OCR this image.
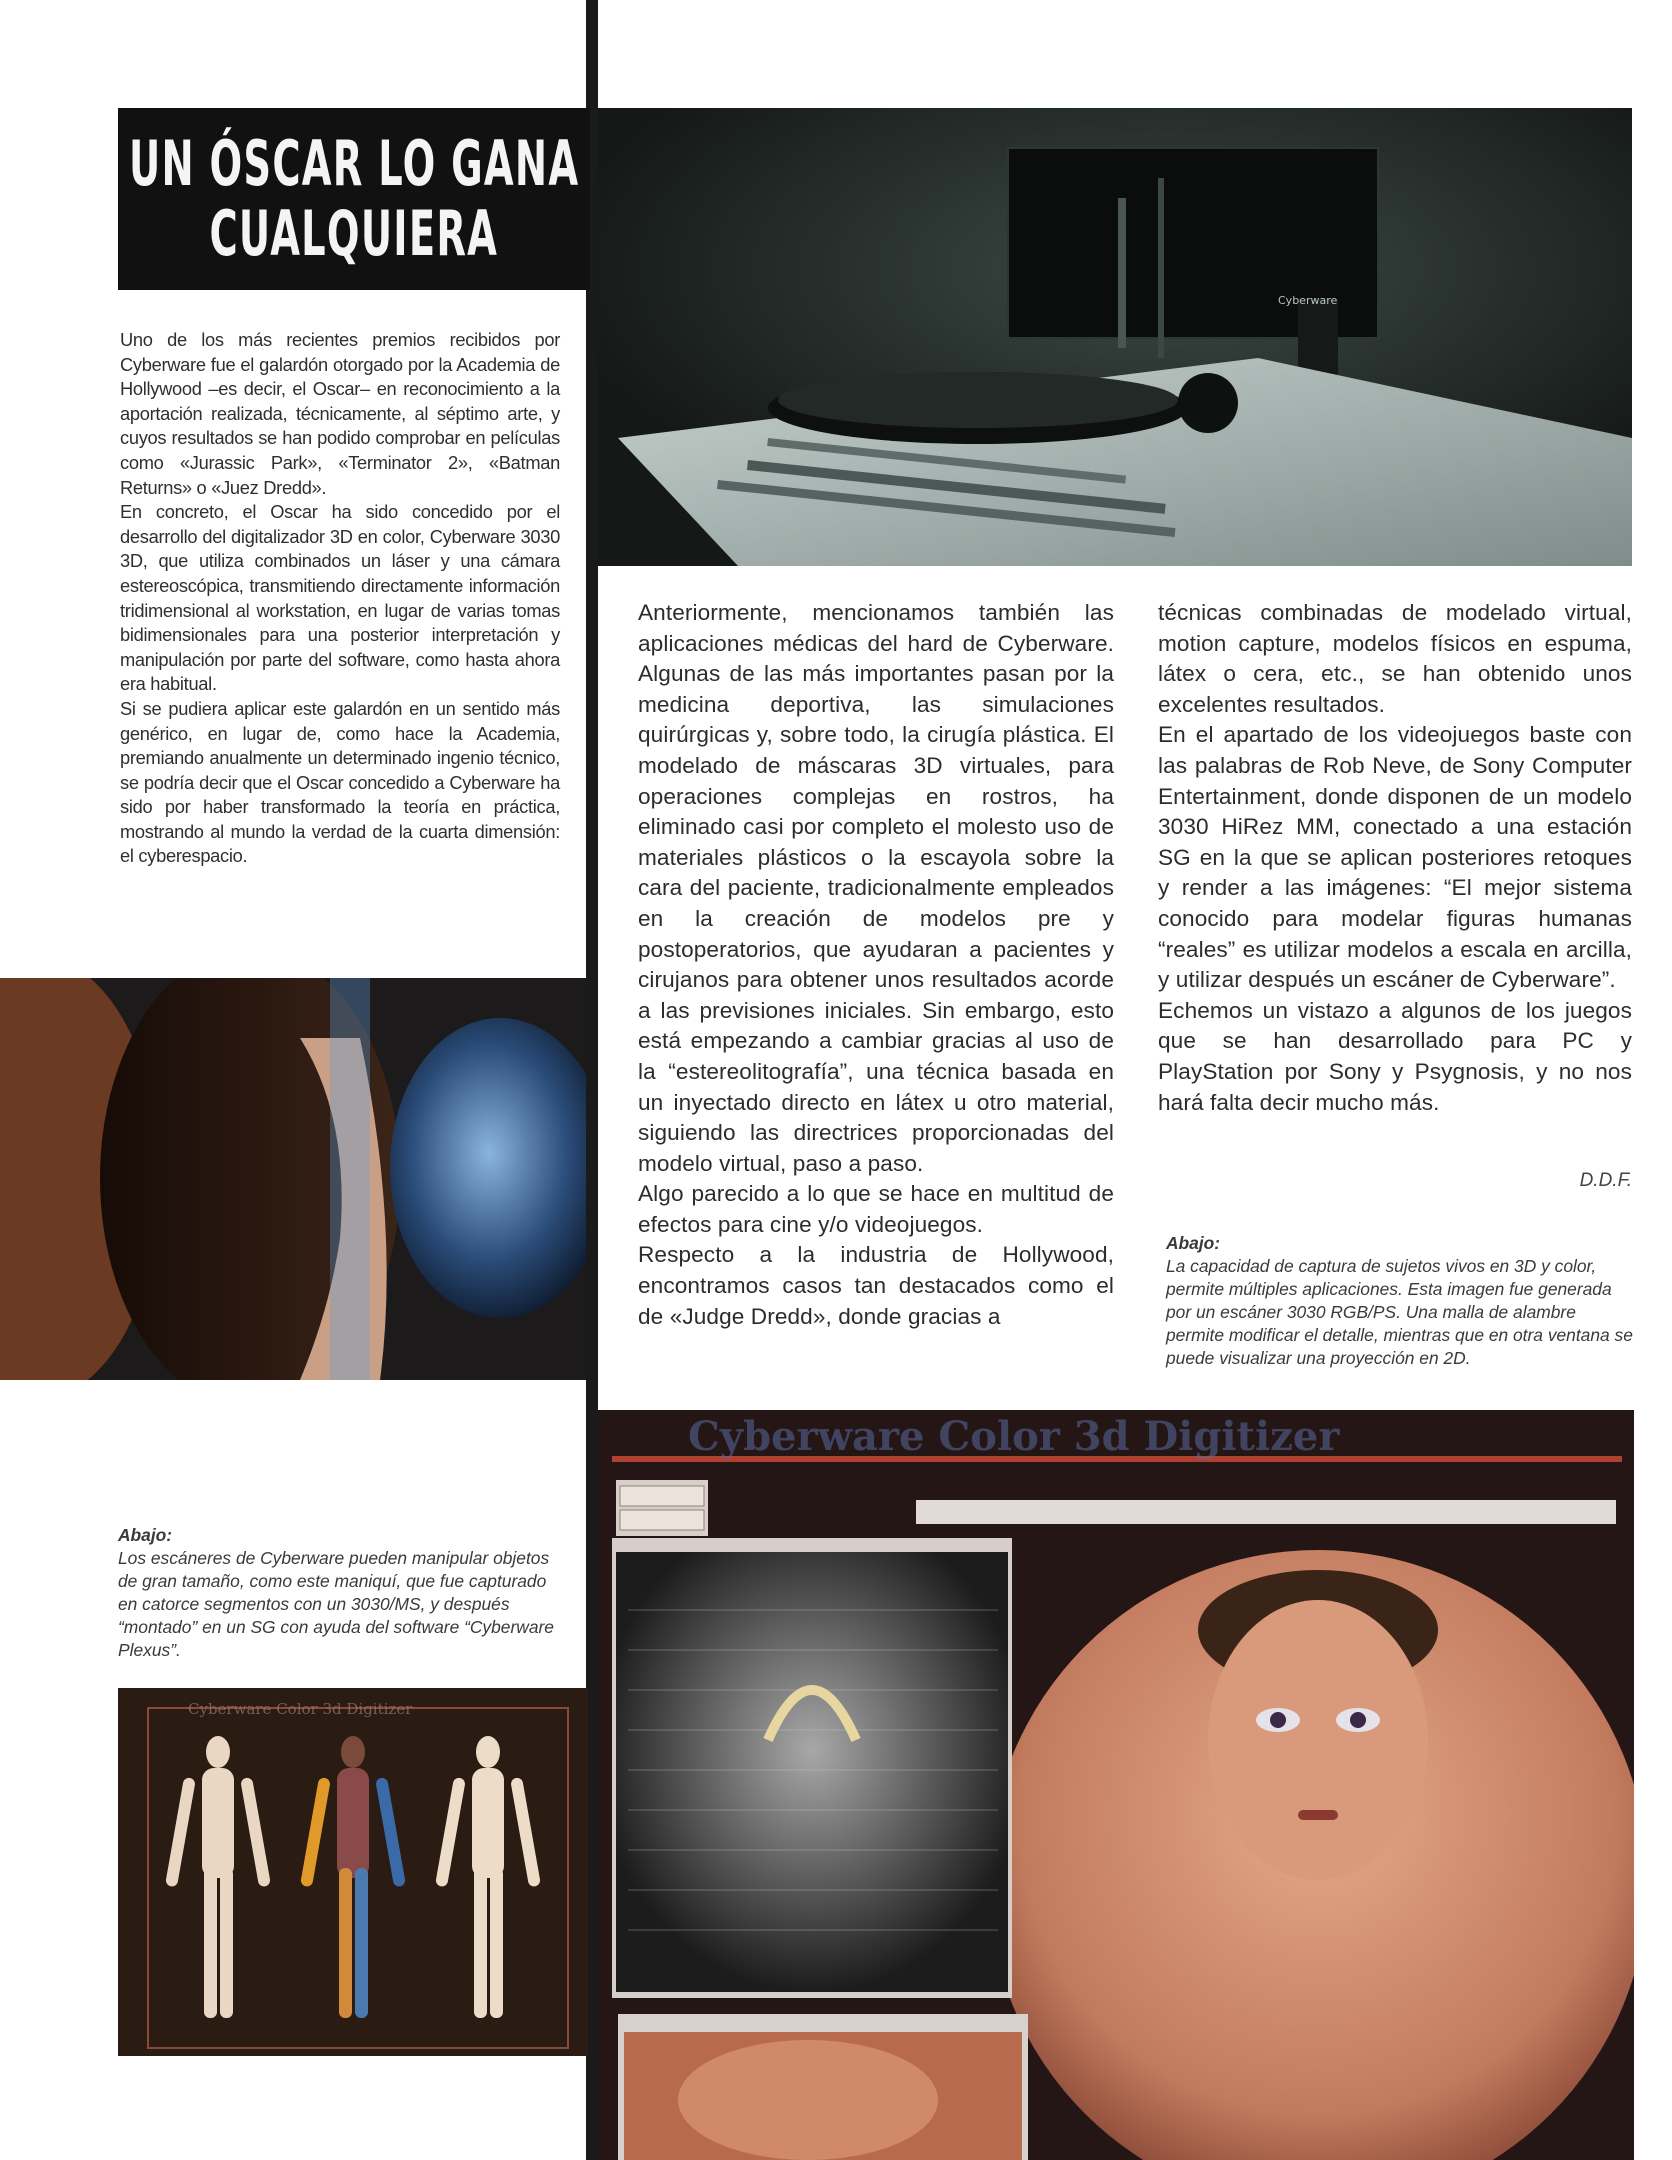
UN ÓSCAR LO GANA
CUALQUIERA

Uno de los más recientes premios recibidos por Cyberware fue el galardón otorgado por la Academia de Hollywood –es decir, el Oscar– en reconocimiento a la aportación realizada, técnicamente, al séptimo arte, y cuyos resultados se han podido comprobar en películas como «Jurassic Park», «Terminator 2», «Batman Returns» o «Juez Dredd».

En concreto, el Oscar ha sido concedido por el desarrollo del digitalizador 3D en color, Cyberware 3030 3D, que utiliza combinados un láser y una cámara estereoscópica, transmitiendo directamente información tridimensional al workstation, en lugar de varias tomas bidimensionales para una posterior interpretación y manipulación por parte del software, como hasta ahora era habitual.

Si se pudiera aplicar este galardón en un sentido más genérico, en lugar de, como hace la Academia, premiando anualmente un determinado ingenio técnico, se podría decir que el Oscar concedido a Cyberware ha sido por haber transformado la teoría en práctica, mostrando al mundo la verdad de la cuarta dimensión: el cyberespacio.

Cyberware

Anteriormente, mencionamos también las aplicaciones médicas del hard de Cyberware. Algunas de las más importantes pasan por la medicina deportiva, las simulaciones quirúrgicas y, sobre todo, la cirugía plástica. El modelado de máscaras 3D virtuales, para operaciones complejas en rostros, ha eliminado casi por completo el molesto uso de materiales plásticos o la escayola sobre la cara del paciente, tradicionalmente empleados en la creación de modelos pre y postoperatorios, que ayudaran a pacientes y cirujanos para obtener unos resultados acorde a las previsiones iniciales. Sin embargo, esto está empezando a cambiar gracias al uso de la “estereolitografía”, una técnica basada en un inyectado directo en látex u otro material, siguiendo las directrices proporcionadas del modelo virtual, paso a paso.

Algo parecido a lo que se hace en multitud de efectos para cine y/o videojuegos.

Respecto a la industria de Hollywood, encontramos casos tan destacados como el de «Judge Dredd», donde gracias a

técnicas combinadas de modelado virtual, motion capture, modelos físicos en espuma, látex o cera, etc., se han obtenido unos excelentes resultados.

En el apartado de los videojuegos baste con las palabras de Rob Neve, de Sony Computer Entertainment, donde disponen de un modelo 3030 HiRez MM, conectado a una estación SG en la que se aplican posteriores retoques y render a las imágenes: “El mejor sistema conocido para modelar figuras humanas “reales” es utilizar modelos a escala en arcilla, y utilizar después un escáner de Cyberware”.

Echemos un vistazo a algunos de los juegos que se han desarrollado para PC y PlayStation por Sony y Psygnosis, y no nos hará falta decir mucho más.

D.D.F.
Abajo:
La capacidad de captura de sujetos vivos en 3D y color, permite múltiples aplicaciones. Esta imagen fue generada por un escáner 3030 RGB/PS. Una malla de alambre permite modificar el detalle, mientras que en otra ventana se puede visualizar una proyección en 2D.
Abajo:
Los escáneres de Cyberware pueden manipular objetos de gran tamaño, como este maniquí, que fue capturado en catorce segmentos con un 3030/MS, y después “montado” en un SG con ayuda del software “Cyberware Plexus”.
Cyberware Color 3d Digitizer
Cyberware Color 3d Digitizer
